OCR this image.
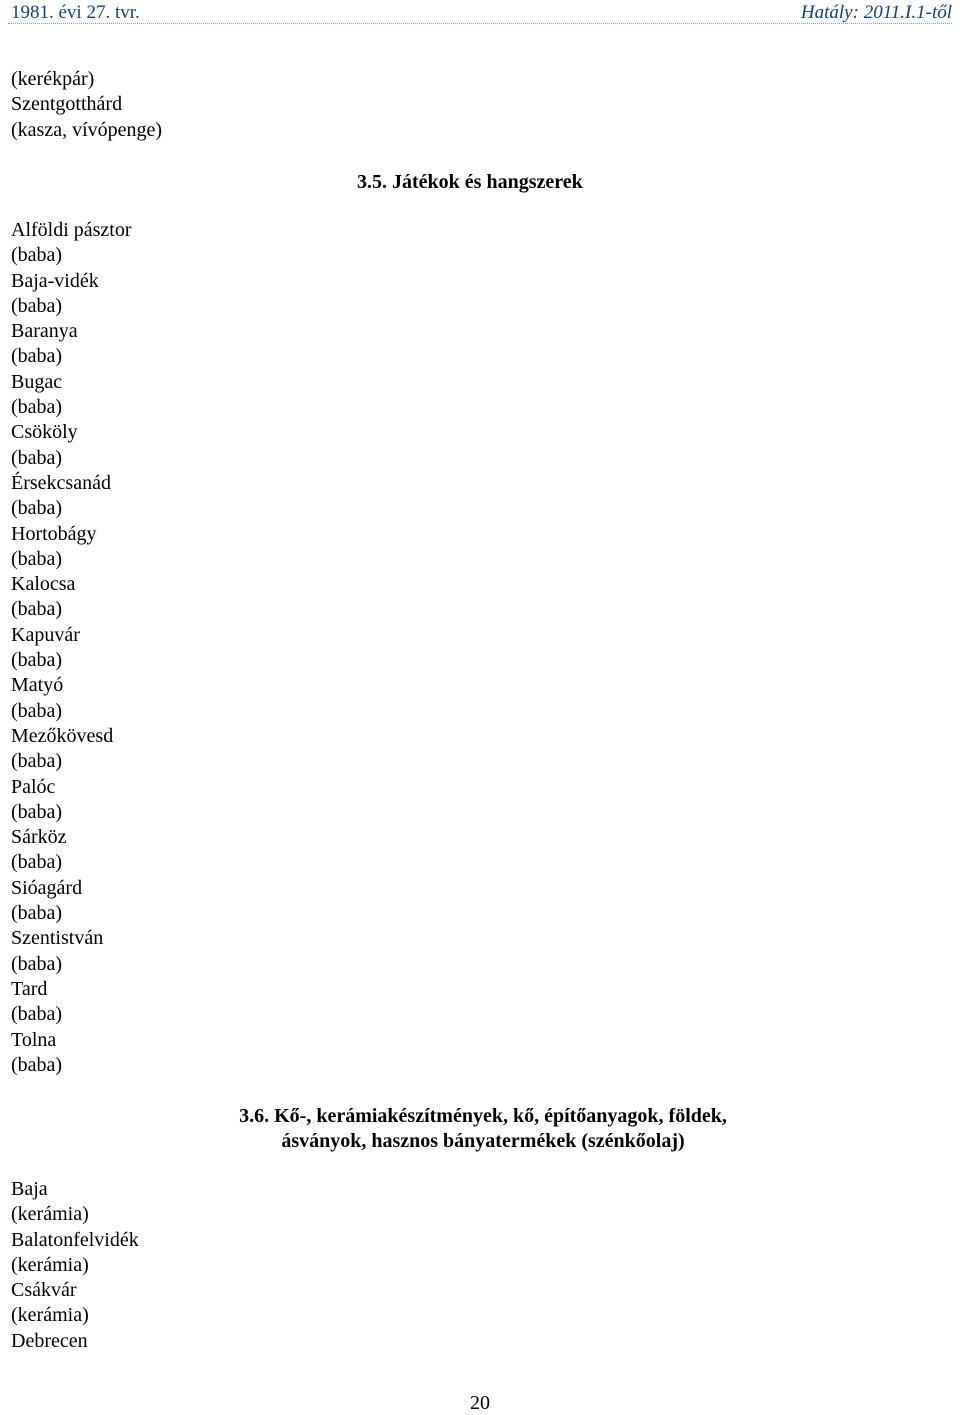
1981. évi 27. tvr.	Hatály: 2011.I.1-től
(kerékpár)
Szentgotthárd
(kasza, vívópenge)
3.5. Játékok és hangszerek
Alföldi pásztor
(baba)
Baja-vidék
(baba)
Baranya
(baba)
Bugac
(baba)
Csököly
(baba)
Érsekcsanád
(baba)
Hortobágy
(baba)
Kalocsa
(baba)
Kapuvár
(baba)
Matyó
(baba)
Mezőkövesd
(baba)
Palóc
(baba)
Sárköz
(baba)
Sióagárd
(baba)
Szentistván
(baba)
Tard
(baba)
Tolna
(baba)
3.6. Kő-, kerámiakészítmények, kő, építőanyagok, földek,
ásványok, hasznos bányatermékek (szénkőolaj)
Baja
(kerámia)
Balatonfelvidék
(kerámia)
Csákvár
(kerámia)
Debrecen
20
